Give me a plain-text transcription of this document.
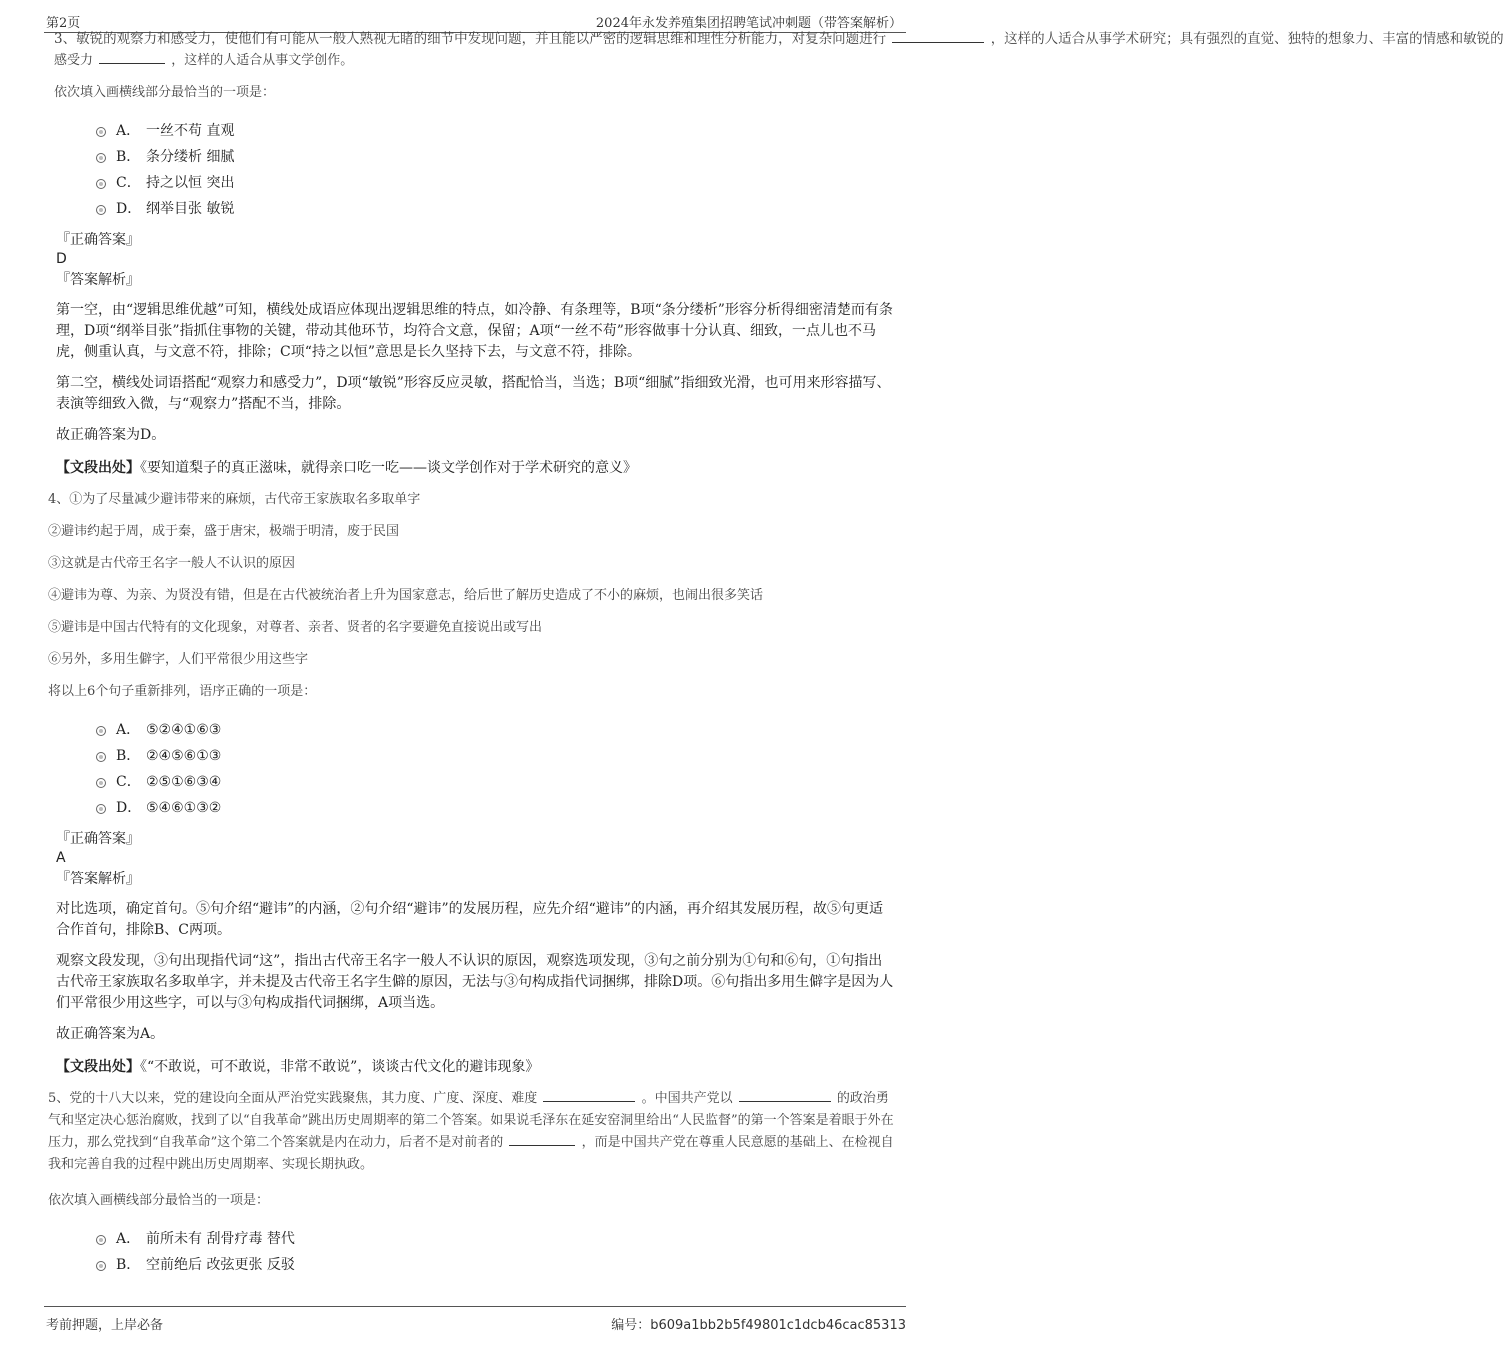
第2页	2024年永发养殖集团招聘笔试冲刺题（带答案解析）
3、敏锐的观察力和感受力，使他们有可能从一般人熟视无睹的细节中发现问题，并且能以严密的逻辑思维和理性分析能力，对复杂问题进行	，这样的人适合从事学术研究；具有强烈的直觉、独特的想象力、丰富的情感和敏锐的
感受力	，这样的人适合从事文学创作。
依次填入画横线部分最恰当的一项是：
A． 一丝不苟 直观
B． 条分缕析 细腻
C． 持之以恒 突出
D． 纲举目张 敏锐
『正确答案』
D
『答案解析』
第一空，由“逻辑思维优越”可知，横线处成语应体现出逻辑思维的特点，如冷静、有条理等，B项“条分缕析”形容分析得细密清楚而有条理，D项“纲举目张”指抓住事物的关键，带动其他环节，均符合文意，保留；A项“一丝不苟”形容做事十分认真、细致，一点儿也不马虎，侧重认真，与文意不符，排除；C项“持之以恒”意思是长久坚持下去，与文意不符，排除。
第二空，横线处词语搭配“观察力和感受力”，D项“敏锐”形容反应灵敏，搭配恰当，当选；B项“细腻”指细致光滑，也可用来形容描写、表演等细致入微，与“观察力”搭配不当，排除。
故正确答案为D。
【文段出处】《要知道梨子的真正滋味，就得亲口吃一吃——谈文学创作对于学术研究的意义》
4、①为了尽量减少避讳带来的麻烦，古代帝王家族取名多取单字
②避讳约起于周，成于秦，盛于唐宋，极端于明清，废于民国
③这就是古代帝王名字一般人不认识的原因
④避讳为尊、为亲、为贤没有错，但是在古代被统治者上升为国家意志，给后世了解历史造成了不小的麻烦，也闹出很多笑话
⑤避讳是中国古代特有的文化现象，对尊者、亲者、贤者的名字要避免直接说出或写出
⑥另外，多用生僻字，人们平常很少用这些字
将以上6个句子重新排列，语序正确的一项是：
A． ⑤②④①⑥③
B． ②④⑤⑥①③
C． ②⑤①⑥③④
D． ⑤④⑥①③②
『正确答案』
A
『答案解析』
对比选项，确定首句。⑤句介绍“避讳”的内涵，②句介绍“避讳”的发展历程，应先介绍“避讳”的内涵，再介绍其发展历程，故⑤句更适合作首句，排除B、C两项。
观察文段发现，③句出现指代词“这”，指出古代帝王名字一般人不认识的原因，观察选项发现，③句之前分别为①句和⑥句，①句指出古代帝王家族取名多取单字，并未提及古代帝王名字生僻的原因，无法与③句构成指代词捆绑，排除D项。⑥句指出多用生僻字是因为人们平常很少用这些字，可以与③句构成指代词捆绑，A项当选。
故正确答案为A。
【文段出处】《“不敢说，可不敢说，非常不敢说”，谈谈古代文化的避讳现象》
5、党的十八大以来，党的建设向全面从严治党实践聚焦，其力度、广度、深度、难度	。中国共产党以	的政治勇气和坚定决心惩治腐败，找到了以“自我革命”跳出历史周期率的第二个答案。如果说毛泽东在延安窑洞里给出“人民监督”的第一个答案是着眼于外在压力，那么党找到“自我革命”这个第二个答案就是内在动力，后者不是对前者的	，而是中国共产党在尊重人民意愿的基础上、在检视自我和完善自我的过程中跳出历史周期率、实现长期执政。
依次填入画横线部分最恰当的一项是：
A． 前所未有 刮骨疗毒 替代
B． 空前绝后 改弦更张 反驳
考前押题，上岸必备	编号：b609a1bb2b5f49801c1dcb46cac85313
